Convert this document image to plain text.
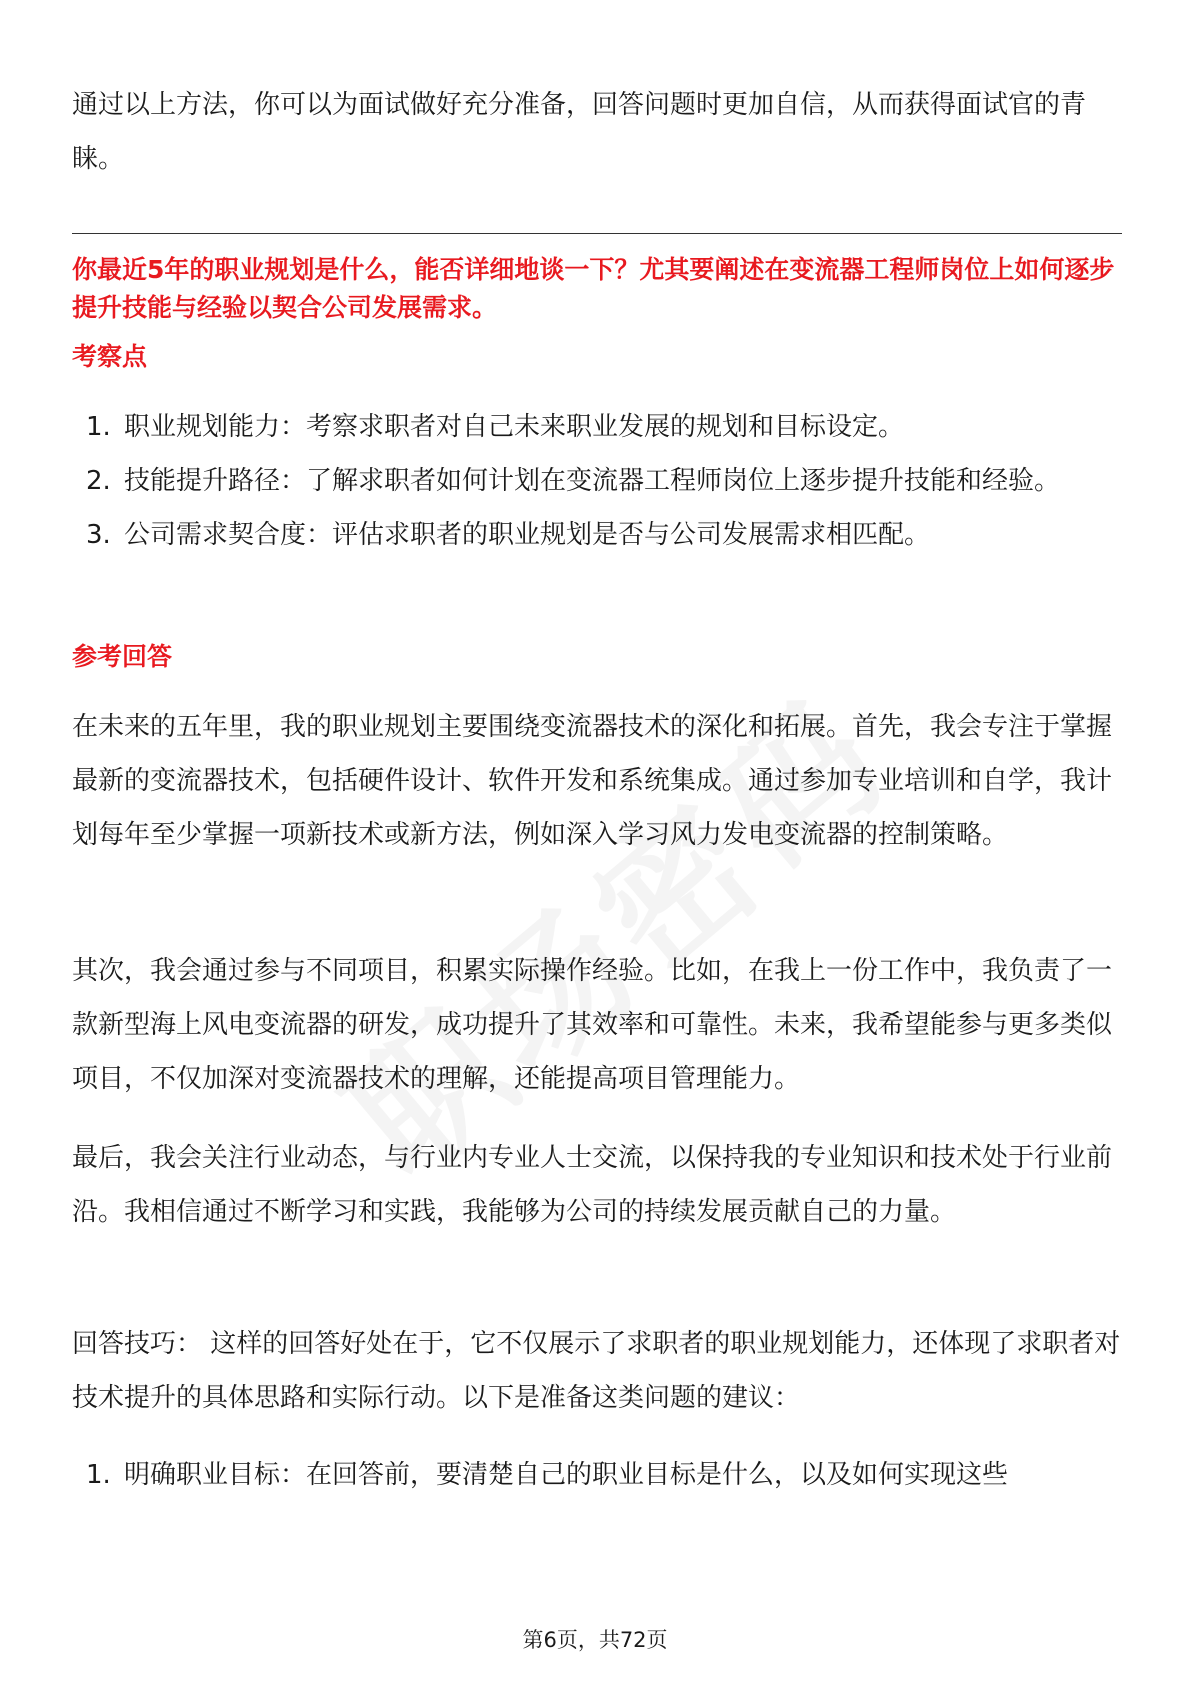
通过以上方法，你可以为面试做好充分准备，回答问题时更加自信，从而获得面试官的青睐。

你最近5年的职业规划是什么，能否详细地谈一下？尤其要阐述在变流器工程师岗位上如何逐步提升技能与经验以契合公司发展需求。

考察点

1. 职业规划能力：考察求职者对自己未来职业发展的规划和目标设定。
2. 技能提升路径：了解求职者如何计划在变流器工程师岗位上逐步提升技能和经验。
3. 公司需求契合度：评估求职者的职业规划是否与公司发展需求相匹配。

参考回答

在未来的五年里，我的职业规划主要围绕变流器技术的深化和拓展。首先，我会专注于掌握最新的变流器技术，包括硬件设计、软件开发和系统集成。通过参加专业培训和自学，我计划每年至少掌握一项新技术或新方法，例如深入学习风力发电变流器的控制策略。

其次，我会通过参与不同项目，积累实际操作经验。比如，在我上一份工作中，我负责了一款新型海上风电变流器的研发，成功提升了其效率和可靠性。未来，我希望能参与更多类似项目，不仅加深对变流器技术的理解，还能提高项目管理能力。

最后，我会关注行业动态，与行业内专业人士交流，以保持我的专业知识和技术处于行业前沿。我相信通过不断学习和实践，我能够为公司的持续发展贡献自己的力量。

回答技巧： 这样的回答好处在于，它不仅展示了求职者的职业规划能力，还体现了求职者对技术提升的具体思路和实际行动。以下是准备这类问题的建议：

1. 明确职业目标：在回答前，要清楚自己的职业目标是什么，以及如何实现这些
第6页，共72页
